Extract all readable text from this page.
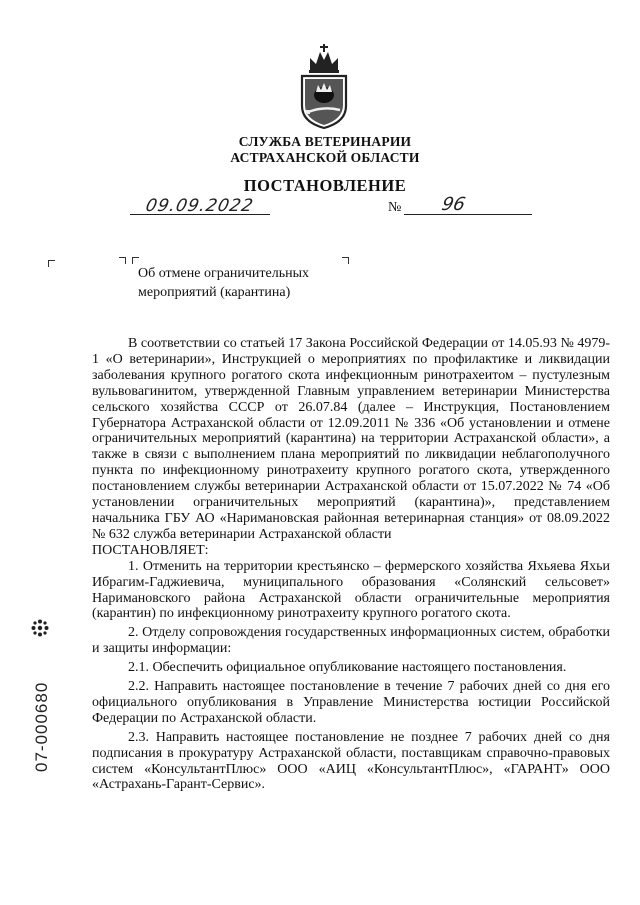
СЛУЖБА ВЕТЕРИНАРИИ
АСТРАХАНСКОЙ ОБЛАСТИ
ПОСТАНОВЛЕНИЕ
09.09.2022	№ 96
Об отмене ограничительных
мероприятий (карантина)

В соответствии со статьей 17 Закона Российской Федерации от 14.05.93 № 4979-1 «О ветеринарии», Инструкцией о мероприятиях по профилактике и ликвидации заболевания крупного рогатого скота инфекционным ринотрахеитом – пустулезным вульвовагинитом, утвержденной Главным управлением ветеринарии Министерства сельского хозяйства СССР от 26.07.84 (далее – Инструкция, Постановлением Губернатора Астраханской области от 12.09.2011 № 336 «Об установлении и отмене ограничительных мероприятий (карантина) на территории Астраханской области», а также в связи с выполнением плана мероприятий по ликвидации неблагополучного пункта по инфекционному ринотрахеиту крупного рогатого скота, утвержденного постановлением службы ветеринарии Астраханской области от 15.07.2022 № 74 «Об установлении ограничительных мероприятий (карантина)», представлением начальника ГБУ АО «Наримановская районная ветеринарная станция» от 08.09.2022 № 632 служба ветеринарии Астраханской области

ПОСТАНОВЛЯЕТ:

1. Отменить на территории крестьянско – фермерского хозяйства Яхьяева Яхьи Ибрагим-Гаджиевича, муниципального образования «Солянский сельсовет» Наримановского района Астраханской области ограничительные мероприятия (карантин) по инфекционному ринотрахеиту крупного рогатого скота.

2. Отделу сопровождения государственных информационных систем, обработки и защиты информации:

2.1. Обеспечить официальное опубликование настоящего постановления.

2.2. Направить настоящее постановление в течение 7 рабочих дней со дня его официального опубликования в Управление Министерства юстиции Российской Федерации по Астраханской области.

2.3. Направить настоящее постановление не позднее 7 рабочих дней со дня подписания в прокуратуру Астраханской области, поставщикам справочно-правовых систем «КонсультантПлюс» ООО «АИЦ «КонсультантПлюс», «ГАРАНТ» ООО «Астрахань-Гарант-Сервис».

07-000680
